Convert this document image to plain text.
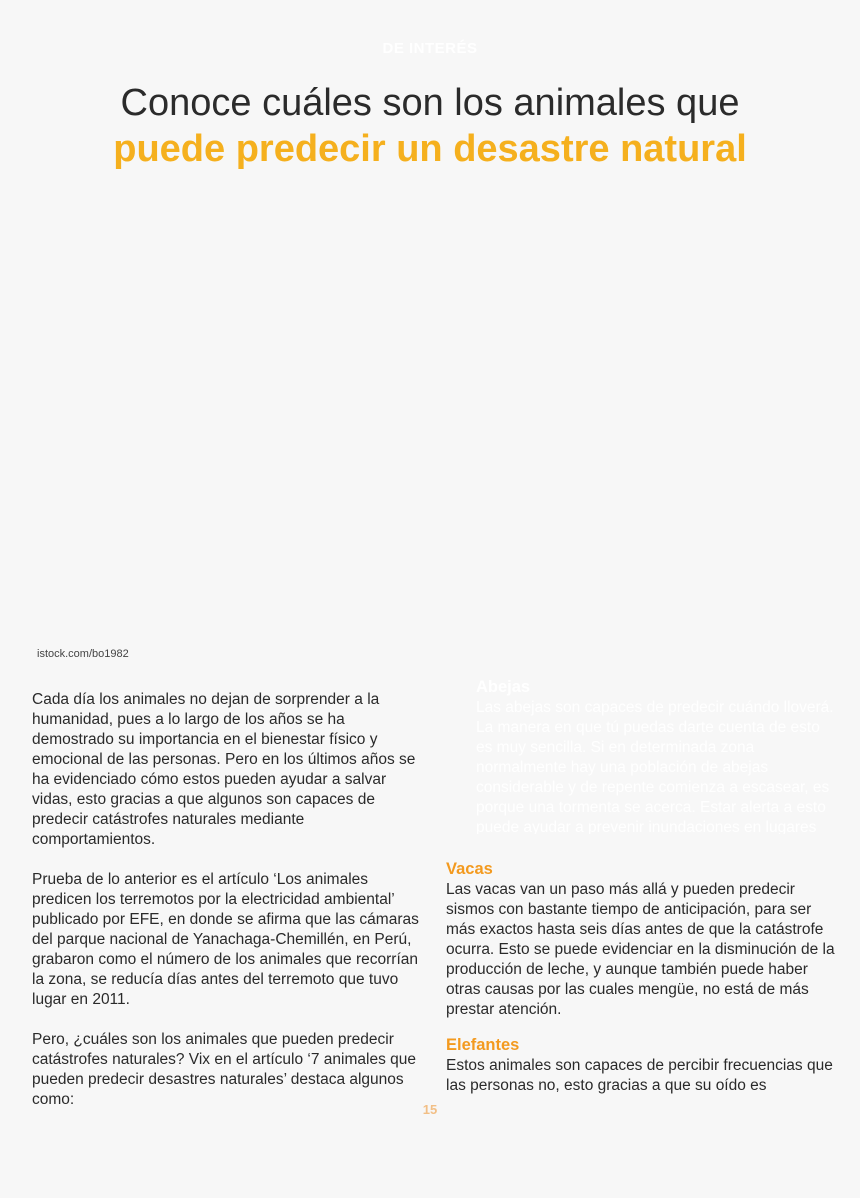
DE INTERÉS
Conoce cuáles son los animales que
puede predecir un desastre natural
istock.com/bo1982

Cada día los animales no dejan de sorprender a la humanidad, pues a lo largo de los años se ha demostrado su importancia en el bienestar físico y emocional de las personas. Pero en los últimos años se ha evidenciado cómo estos pueden ayudar a salvar vidas, esto gracias a que algunos son capaces de predecir catástrofes naturales mediante comportamientos.

Prueba de lo anterior es el artículo ‘Los animales predicen los terremotos por la electricidad ambiental’ publicado por EFE, en donde se afirma que las cámaras del parque nacional de Yanachaga-Chemillén, en Perú, grabaron como el número de los animales que recorrían la zona, se reducía días antes del terremoto que tuvo lugar en 2011.

Pero, ¿cuáles son los animales que pueden predecir catástrofes naturales? Vix en el artículo ‘7 animales que pueden predecir desastres naturales’ destaca algunos como:

Abejas

Las abejas son capaces de predecir cuándo lloverá. La manera en que tú puedas darte cuenta de esto es muy sencilla. Si en determinada zona normalmente hay una población de abejas considerable y de repente comienza a escasear, es porque una tormenta se acerca. Estar alerta a esto puede ayudar a prevenir inundaciones en lugares

Vacas

Las vacas van un paso más allá y pueden predecir sismos con bastante tiempo de anticipación, para ser más exactos hasta seis días antes de que la catástrofe ocurra. Esto se puede evidenciar en la disminución de la producción de leche, y aunque también puede haber otras causas por las cuales mengüe, no está de más prestar atención.

Elefantes

Estos animales son capaces de percibir frecuencias que las personas no, esto gracias a que su oído es

15
